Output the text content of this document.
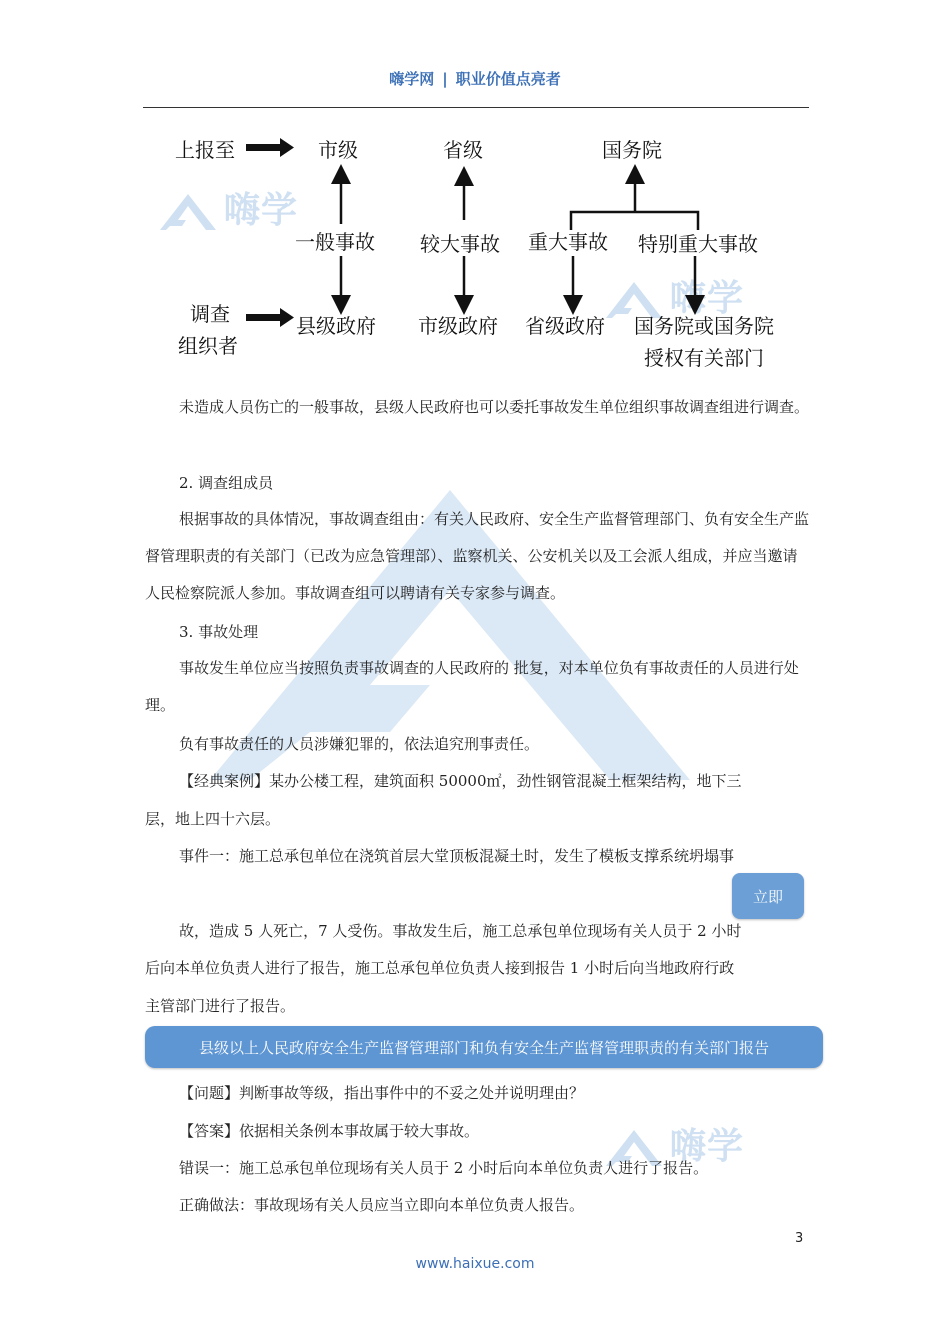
嗨学网 | 职业价值点亮者
嗨学
嗨学
嗨学
上报至
调查
组织者
市级	省级	国务院
一般事故 较大事故 重大事故 特别重大事故
县级政府 市级政府 省级政府 国务院或国务院
授权有关部门
未造成人员伤亡的一般事故，县级人民政府也可以委托事故发生单位组织事故调查组进行调查。
2. 调查组成员
根据事故的具体情况，事故调查组由：有关人民政府、安全生产监督管理部门、负有安全生产监督管理职责的有关部门（已改为应急管理部）、监察机关、公安机关以及工会派人组成，并应当邀请人民检察院派人参加。事故调查组可以聘请有关专家参与调查。
3. 事故处理
事故发生单位应当按照负责事故调查的人民政府的 批复，对本单位负有事故责任的人员进行处理。
负有事故责任的人员涉嫌犯罪的，依法追究刑事责任。
【经典案例】某办公楼工程，建筑面积 50000㎡，劲性钢管混凝土框架结构，地下三
层，地上四十六层。
事件一：施工总承包单位在浇筑首层大堂顶板混凝土时，发生了模板支撑系统坍塌事
故，造成 5 人死亡，7 人受伤。事故发生后，施工总承包单位现场有关人员于 2 小时
后向本单位负责人进行了报告，施工总承包单位负责人接到报告 1 小时后向当地政府行政
主管部门进行了报告。
【问题】判断事故等级，指出事件中的不妥之处并说明理由？
【答案】依据相关条例本事故属于较大事故。
错误一：施工总承包单位现场有关人员于 2 小时后向本单位负责人进行了报告。
正确做法：事故现场有关人员应当立即向本单位负责人报告。
立即
县级以上人民政府安全生产监督管理部门和负有安全生产监督管理职责的有关部门报告
3
www.haixue.com
